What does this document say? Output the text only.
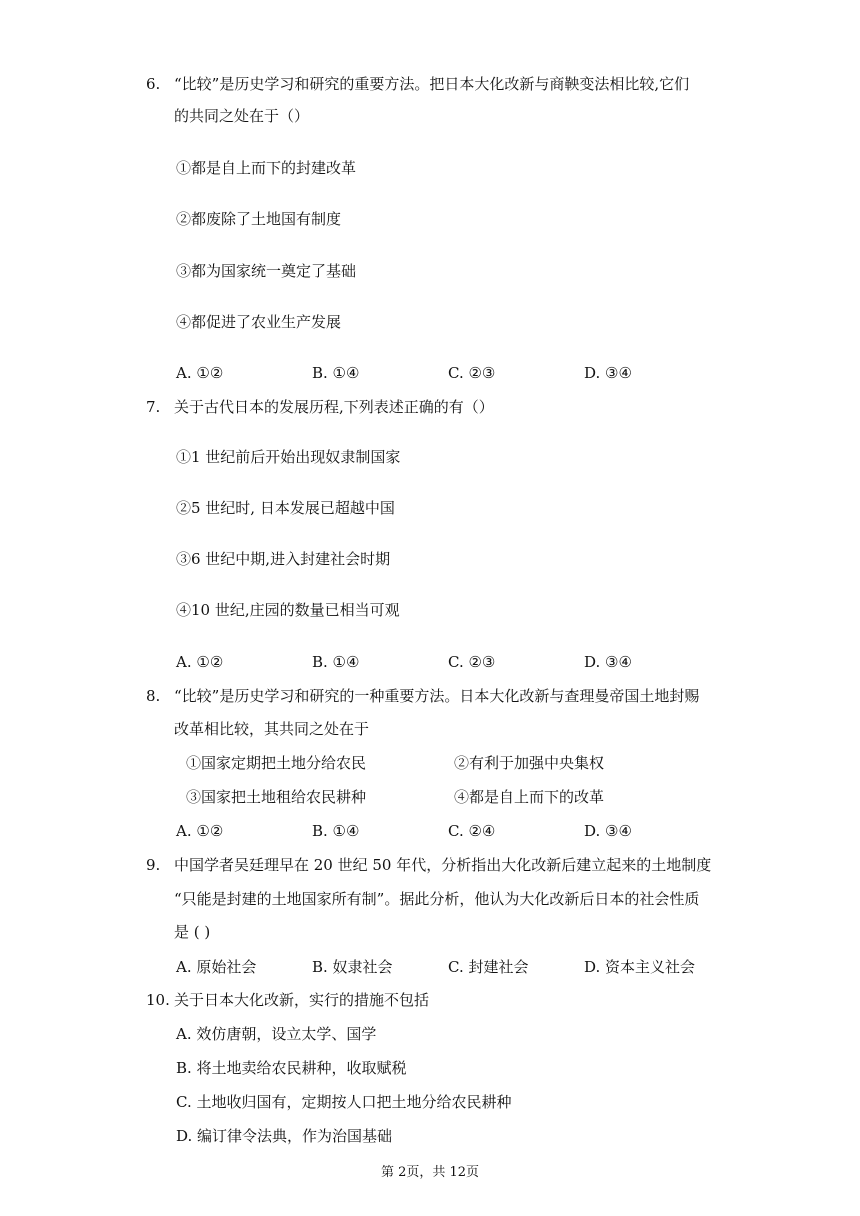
6. “比较”是历史学习和研究的重要方法。把日本大化改新与商鞅变法相比较,它们
的共同之处在于（）
①都是自上而下的封建改革
②都废除了土地国有制度
③都为国家统一奠定了基础
④都促进了农业生产发展
A. ①②	B. ①④	C. ②③	D. ③④
7. 关于古代日本的发展历程,下列表述正确的有（）
①1 世纪前后开始出现奴隶制国家
②5 世纪时, 日本发展已超越中国
③6 世纪中期,进入封建社会时期
④10 世纪,庄园的数量已相当可观
A. ①②	B. ①④	C. ②③	D. ③④
8. “比较”是历史学习和研究的一种重要方法。日本大化改新与查理曼帝国土地封赐
改革相比较，其共同之处在于
①国家定期把土地分给农民	②有利于加强中央集权
③国家把土地租给农民耕种	④都是自上而下的改革
A. ①②	B. ①④	C. ②④	D. ③④
9. 中国学者吴廷理早在 20 世纪 50 年代，分析指出大化改新后建立起来的土地制度
“只能是封建的土地国家所有制”。据此分析，他认为大化改新后日本的社会性质
是 ( )
A. 原始社会	B. 奴隶社会	C. 封建社会	D. 资本主义社会
10. 关于日本大化改新，实行的措施不包括
A. 效仿唐朝，设立太学、国学
B. 将土地卖给农民耕种，收取赋税
C. 土地收归国有，定期按人口把土地分给农民耕种
D. 编订律令法典，作为治国基础
第 2页，共 12页
